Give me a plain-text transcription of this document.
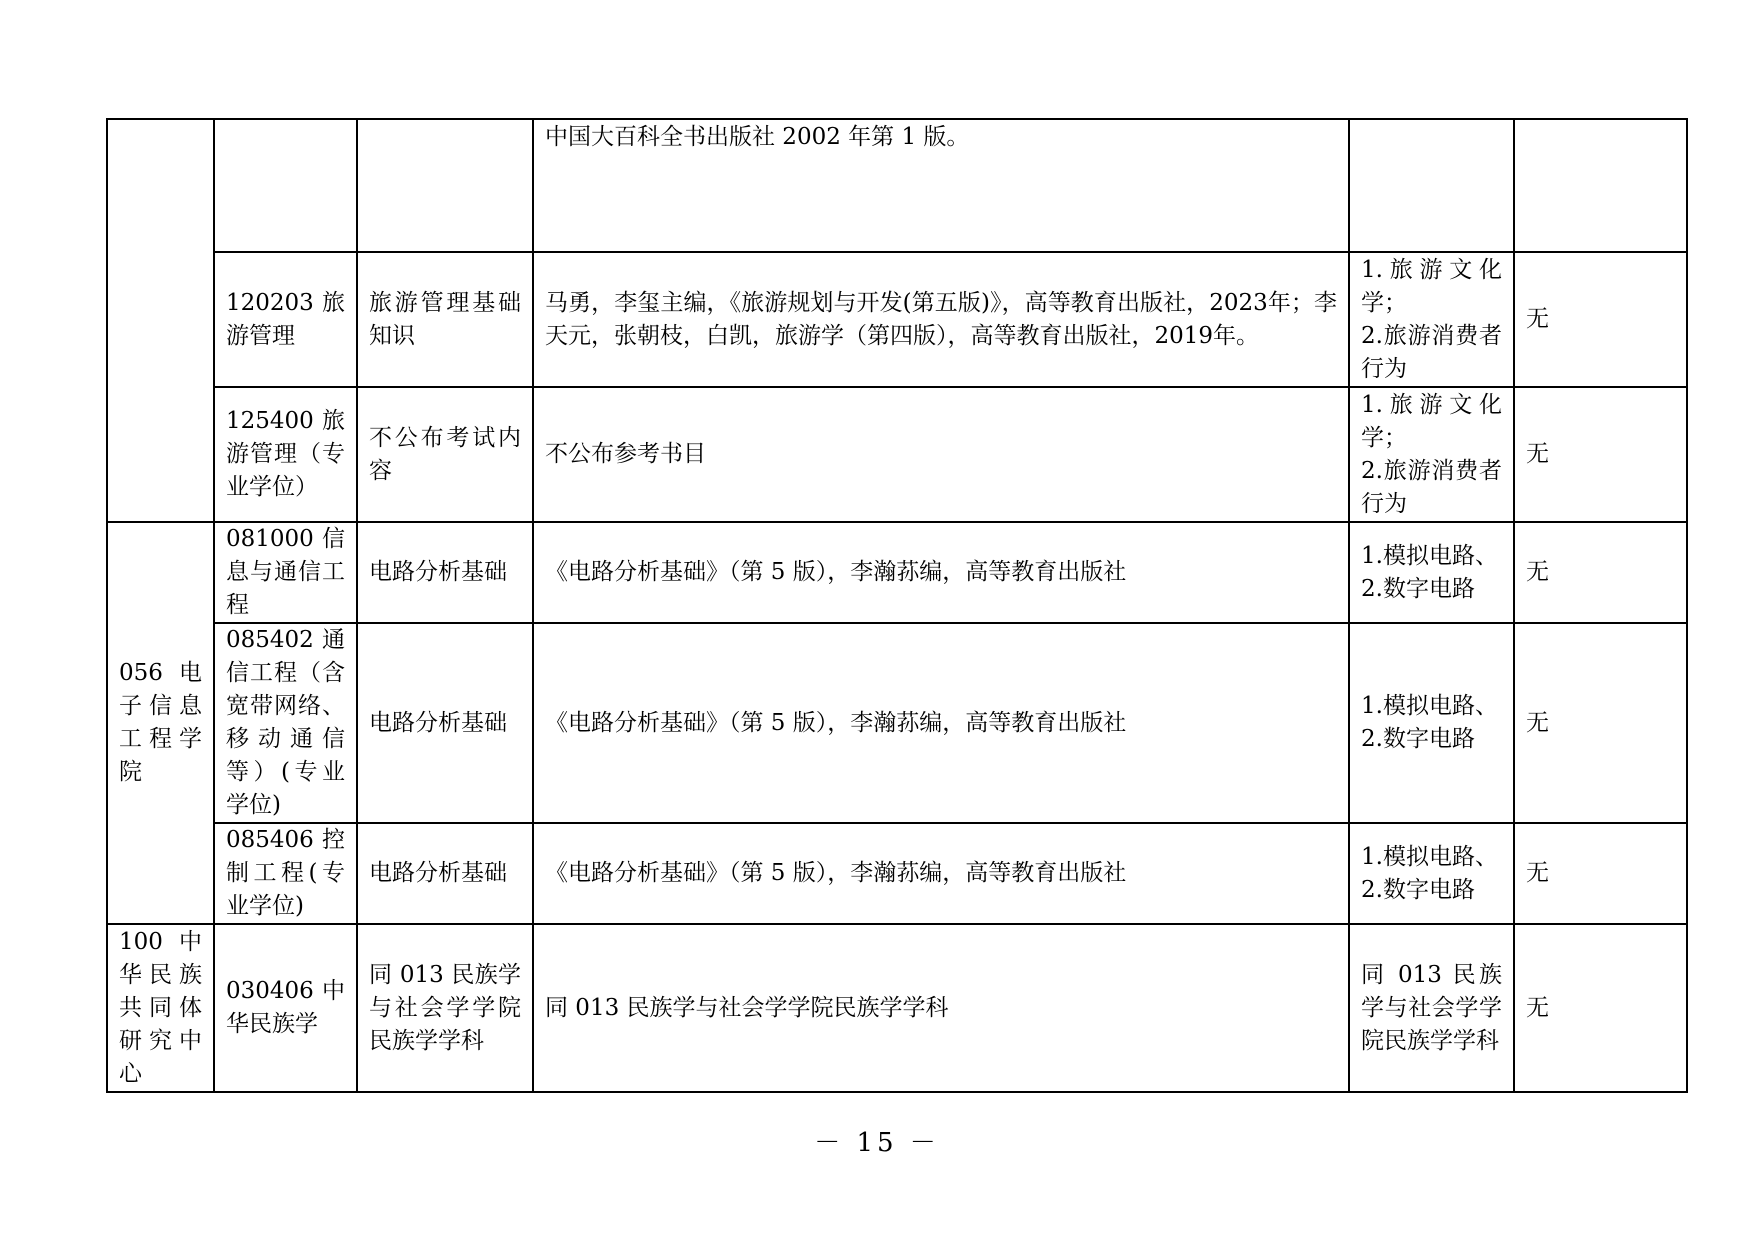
			中国大百科全书出版社 2002 年第 1 版。		
	120203 旅游管理	旅游管理基础知识	马勇，李玺主编，《旅游规划与开发(第五版)》，高等教育出版社，2023年；李天元，张朝枝，白凯，旅游学（第四版），高等教育出版社，2019年。	1.旅游文化学；
2.旅游消费者行为	无
	125400 旅游管理（专业学位）	不公布考试内容	不公布参考书目	1.旅游文化学；
2.旅游消费者行为	无
056 电子信息工程学院	081000 信息与通信工程	电路分析基础	《电路分析基础》（第 5 版），李瀚荪编，高等教育出版社	1.模拟电路、
2.数字电路	无
	085402 通信工程（含宽带网络、移动通信等）(专业学位)	电路分析基础	《电路分析基础》（第 5 版），李瀚荪编，高等教育出版社	1.模拟电路、
2.数字电路	无
	085406 控制工程(专业学位)	电路分析基础	《电路分析基础》（第 5 版），李瀚荪编，高等教育出版社	1.模拟电路、
2.数字电路	无
100 中华民族共同体研究中心	030406 中华民族学	同 013 民族学与社会学学院民族学学科	同 013 民族学与社会学学院民族学学科	同 013 民族学与社会学学院民族学学科	无
－ 15 －
